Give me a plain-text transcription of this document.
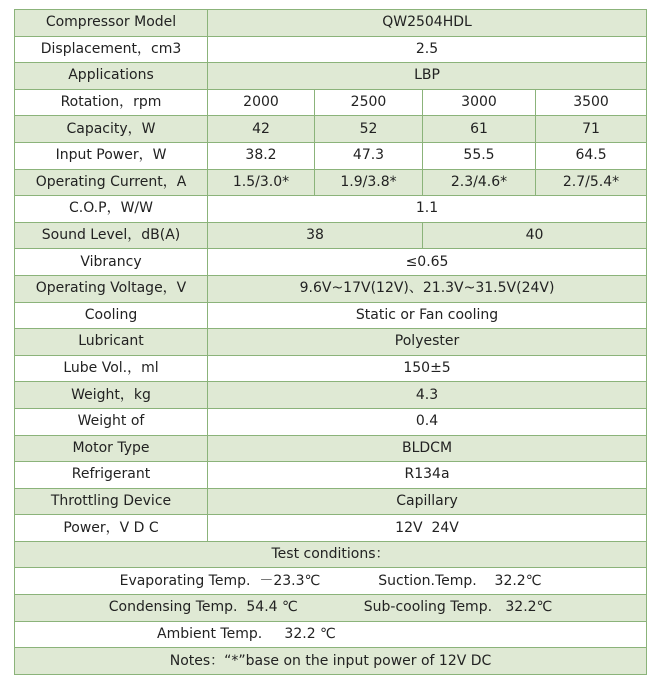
Compressor Model	QW2504HDL			
Displacement，cm3	2.5			
Applications	LBP			
Rotation，rpm	2000	2500	3000	3500
Capacity，W	42	52	61	71
Input Power，W	38.2	47.3	55.5	64.5
Operating Current，A	1.5/3.0*	1.9/3.8*	2.3/4.6*	2.7/5.4*
C.O.P，W/W	1.1			
Sound Level，dB(A)	38		40	
Vibrancy	≤0.65			
Operating Voltage，V	9.6V~17V(12V)、21.3V~31.5V(24V)			
Cooling	Static or Fan cooling			
Lubricant	Polyester			
Lube Vol.，ml	150±5			
Weight，kg	4.3			
Weight of	0.4			
Motor Type	BLDCM			
Refrigerant	R134a			
Throttling Device	Capillary			
Power，V D C	12V  24V			
Test conditions：				
Evaporating Temp.  －23.3℃ Suction.Temp.    32.2℃				
Condensing Temp.  54.4 ℃ Sub-cooling Temp.   32.2℃				
Ambient Temp.     32.2 ℃				
Notes：“*”base on the input power of 12V DC				
